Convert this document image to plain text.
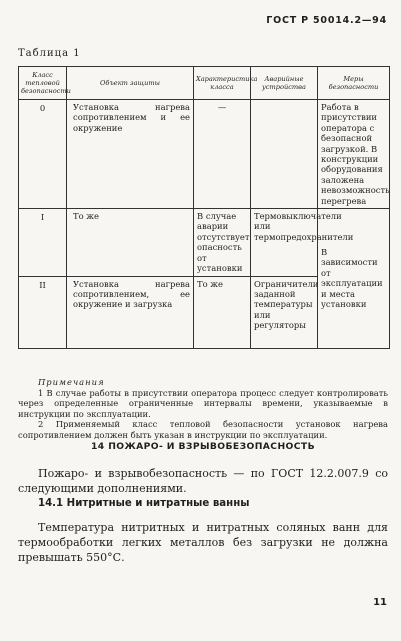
ГОСТ Р 50014.2—94
Таблица 1
Класс тепловой безопасности	Объект защиты	Характеристика класса	Аварийные устройства	Меры безопасности
0	Установка нагрева сопротивлением и ее окружение	—		Работа в присутствии оператора с безопасной загрузкой. В конструкции оборудования заложена невозможность перегрева
I	То же	В случае аварии отсутствует опасность от установки	Термовыключатели или термопредохранители	В зависимости от эксплуатации и места установки
II	Установка нагрева сопротивлением, ее окружение и загрузка	То же	Ограничители заданной температуры или регуляторы	
Примечания

1 В случае работы в присутствии оператора процесс следует контролировать через определенные ограниченные интервалы времени, указываемые в инструкции по эксплуатации.

2 Применяемый класс тепловой безопасности установок нагрева сопротивлением должен быть указан в инструкции по эксплуатации.

14 ПОЖАРО- И ВЗРЫВОБЕЗОПАСНОСТЬ

Пожаро- и взрывобезопасность — по ГОСТ 12.2.007.9 со следующими дополнениями.

14.1 Нитритные и нитратные ванны

Температура нитритных и нитратных соляных ванн для термообработки легких металлов без загрузки не должна превышать 550°С.

11
